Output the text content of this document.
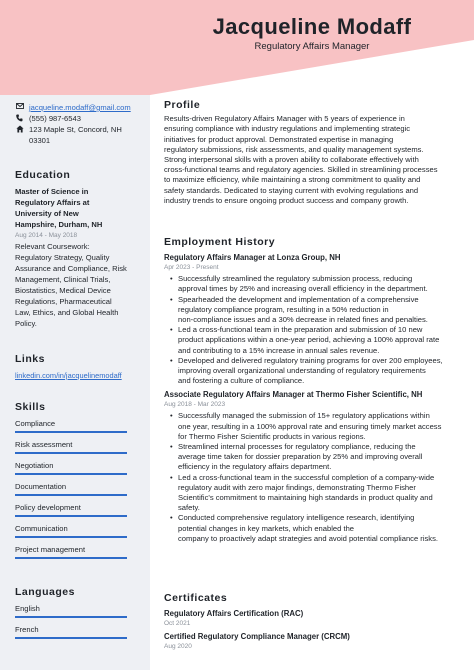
Jacqueline Modaff
Regulatory Affairs Manager
jacqueline.modaff@gmail.com
(555) 987-6543
123 Maple St, Concord, NH
03301
Education
Master of Science in
Regulatory Affairs at
University of New
Hampshire, Durham, NH
Aug 2014 - May 2018
Relevant Coursework:
Regulatory Strategy, Quality
Assurance and Compliance, Risk
Management, Clinical Trials,
Biostatistics, Medical Device
Regulations, Pharmaceutical
Law, Ethics, and Global Health
Policy.
Links
linkedin.com/in/jacquelinemodaff
Skills
Compliance
Risk assessment
Negotiation
Documentation
Policy development
Communication
Project management
Languages
English
French
Profile
Results-driven Regulatory Affairs Manager with 5 years of experience in
ensuring compliance with industry regulations and implementing strategic
initiatives for product approval. Demonstrated expertise in managing
regulatory submissions, risk assessments, and quality management systems.
Strong interpersonal skills with a proven ability to collaborate effectively with
cross-functional teams and regulatory agencies. Skilled in streamlining processes
to maximize efficiency, while maintaining a strong commitment to quality and
safety standards. Dedicated to staying current with evolving regulations and
industry trends to ensure ongoing product success and company growth.
Employment History
Regulatory Affairs Manager at Lonza Group, NH
Apr 2023 - Present
• Successfully streamlined the regulatory submission process, reducing
approval times by 25% and increasing overall efficiency in the department.
• Spearheaded the development and implementation of a comprehensive
regulatory compliance program, resulting in a 50% reduction in
non-compliance issues and a 30% decrease in related fines and penalties.
• Led a cross-functional team in the preparation and submission of 10 new
product applications within a one-year period, achieving a 100% approval rate
and contributing to a 15% increase in annual sales revenue.
• Developed and delivered regulatory training programs for over 200 employees,
improving overall organizational understanding of regulatory requirements
and fostering a culture of compliance.
Associate Regulatory Affairs Manager at Thermo Fisher Scientific, NH
Aug 2018 - Mar 2023
• Successfully managed the submission of 15+ regulatory applications within
one year, resulting in a 100% approval rate and ensuring timely market access
for Thermo Fisher Scientific products in various regions.
• Streamlined internal processes for regulatory compliance, reducing the
average time taken for dossier preparation by 25% and improving overall
efficiency in the regulatory affairs department.
• Led a cross-functional team in the successful completion of a company-wide
regulatory audit with zero major findings, demonstrating Thermo Fisher
Scientific's commitment to maintaining high standards in product quality and
safety.
• Conducted comprehensive regulatory intelligence research, identifying
potential changes in key markets, which enabled the
company to proactively adapt strategies and avoid potential compliance risks.
Certificates
Regulatory Affairs Certification (RAC)
Oct 2021
Certified Regulatory Compliance Manager (CRCM)
Aug 2020
